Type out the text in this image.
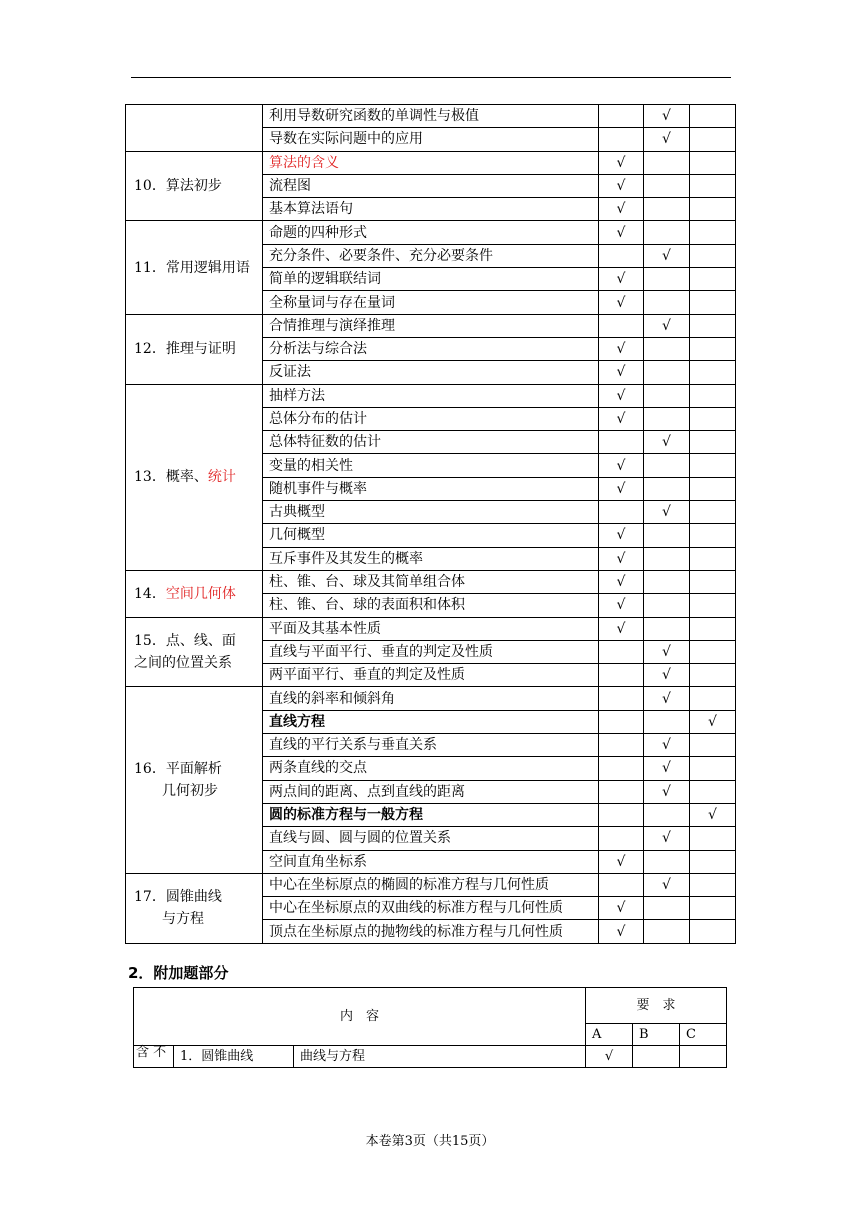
	利用导数研究函数的单调性与极值		√	
	导数在实际问题中的应用		√	

10．算法初步	算法的含义	√		
	流程图	√		
	基本算法语句	√		

11．常用逻辑用语	命题的四种形式	√		
	充分条件、必要条件、充分必要条件		√	
	简单的逻辑联结词	√		
	全称量词与存在量词	√		

12．推理与证明	合情推理与演绎推理		√	
	分析法与综合法	√		
	反证法	√		

13．概率、统计	抽样方法	√		
	总体分布的估计	√		
	总体特征数的估计		√	
	变量的相关性	√		
	随机事件与概率	√		
	古典概型		√	
	几何概型	√		
	互斥事件及其发生的概率	√		

14．空间几何体	柱、锥、台、球及其简单组合体	√		
	柱、锥、台、球的表面积和体积	√		

15．点、线、面
之间的位置关系	平面及其基本性质	√		
	直线与平面平行、垂直的判定及性质		√	
	两平面平行、垂直的判定及性质		√	

16．平面解析
几何初步	直线的斜率和倾斜角		√	
	直线方程			√
	直线的平行关系与垂直关系		√	
	两条直线的交点		√	
	两点间的距离、点到直线的距离		√	
	圆的标准方程与一般方程			√
	直线与圆、圆与圆的位置关系		√	
	空间直角坐标系	√		

17．圆锥曲线
与方程	中心在坐标原点的椭圆的标准方程与几何性质		√	
	中心在坐标原点的双曲线的标准方程与几何性质	√		
	顶点在坐标原点的抛物线的标准方程与几何性质	√		
2．附加题部分
内　容			要　求		
			A	B	C
含 不	1．圆锥曲线	曲线与方程	√		
本卷第3页（共15页）
